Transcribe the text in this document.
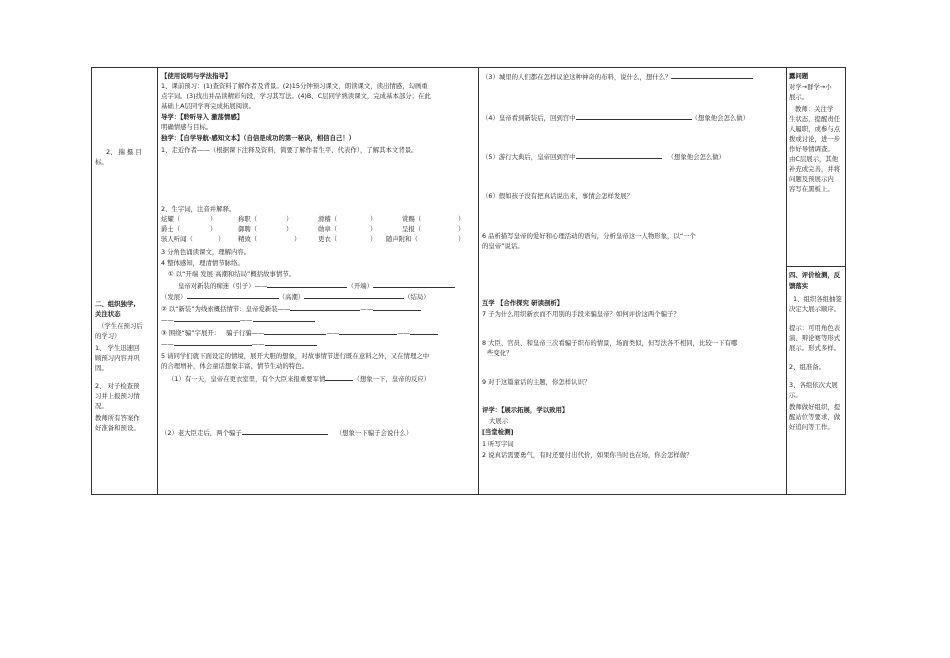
2、 揣 摄 目
标。
二、组织独学,
关注状态
（学生在预习后
的学习）
1、 学生迅速回
顾预习内容并巩
固。
2、 对子检查预
习并上报预习情
况。
教师所有答案作
好准备和预设。
【使用说明与学法指导】
1、课前预习：(1)查资料了解作者及背景。(2)15分钟预习课文，朗读课文，读出情感，勾画重
点字词。(3)找出并品读精彩句段，学习其写法。(4)B、C层同学熟读课文，完成基本部分；在此
基础上A层同学再完成拓展阅读。
导学：【聆听导入 激荡情感】
明确情感与目标。
独学：【自学导航·感知文本】（自信是成功的第一秘诀，相信自己！）
1、走近作者——（根据课下注释及资料，简要了解作者生平、代表作），了解其本文背景。
2、生字词，注音并解释。
炫耀（	）	称职（	）	滑稽（	）	赏赐（	）
爵士（	）	御聘（	）	勋章（	）	呈报（	）
骇人听闻（	） 精致（	）	更衣（	） 随声附和（	）
3 分角色诵读课文，理解内容。
4 整体感知，理清情节脉络。
① 以“开端 发展 高潮和结局”概括故事情节。
皇帝对新装的痴迷（引子）——	（开端）
（发展）	（高潮）	（结局）
② 以“新装”为线索概括情节：皇帝爱新装——	——
——	——
③ 围绕“骗”字展开： 骗子行骗——	——	——
——	——
5 请同学们就下面设定的情境，展开大胆的想象，对故事情节进行既在意料之外，又在情理之中
的合理增补，体会童话想象丰富、情节生动的特色。
（1）有一天，皇帝在更衣室里，有个大臣来报重要军情	（想象一下，皇帝的反应）
（2）老大臣走后，两个骗子	（想象一下骗子会说什么）
（3）城里的人们都在怎样议论这种神奇的布料，说什么，想什么？
（4）皇帝看到新装后，回到宫中	（想象他会怎么做）
（5）游行大典后，皇帝回到宫中	（想象他会怎么做）
（6）假如孩子没有把真话说出来，事情会怎样发展？
6 品析描写皇帝的爱好和心理活动的语句，分析皇帝这一人物形象，以“一个
的皇帝”说话。
互学 【合作探究 研读剖析】
7 子为什么用织新衣而不用别的手段来骗皇帝？如何评价这两个骗子？
8 大臣、官员、和皇帝三次看骗子织布的情景，场面类似，但写法各不相同，比较一下有哪
些变化？
9 对于这篇童话的主题，你怎样认识？
评学：【展示拓展，学以致用】
大展示
[当堂检测]
1 听写字词
2 说真话需要勇气，有时还要付出代价，如果你当时也在场，你会怎样做？
露问题
对学→群学→小
展示。
教师：关注学
生状态，提醒责任
人履职，或参与点
拨或讨论，进一步
作好导情调查。
由C层展示，其他
补充或完善，并将
问题及预展示内
容写在黑板上。
四、评价检测，反
馈落实
1、组织各组抽签
决定大展示顺序。
提示：可用角色表
演、辩论赛等形式
展示。形式多样。
2、组准备。
3、各组依次大展
示。
教师做好组织，提
醒站位等要求，做
好追问等工作。
